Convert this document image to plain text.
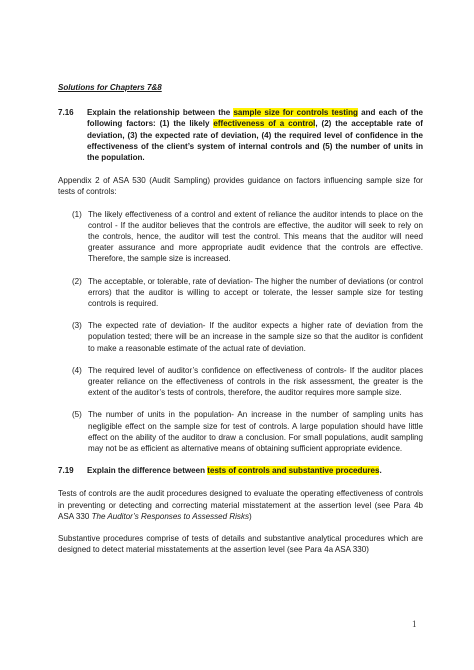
Solutions for Chapters 7&8
7.16	Explain the relationship between the sample size for controls testing and each of the following factors: (1) the likely effectiveness of a control, (2) the acceptable rate of deviation, (3) the expected rate of deviation, (4) the required level of confidence in the effectiveness of the client’s system of internal controls and (5) the number of units in the population.

Appendix 2 of ASA 530 (Audit Sampling) provides guidance on factors influencing sample size for tests of controls:

(1) The likely effectiveness of a control and extent of reliance the auditor intends to place on the control - If the auditor believes that the controls are effective, the auditor will seek to rely on the controls, hence, the auditor will test the control. This means that the auditor will need greater assurance and more appropriate audit evidence that the controls are effective. Therefore, the sample size is increased.
(2) The acceptable, or tolerable, rate of deviation- The higher the number of deviations (or control errors) that the auditor is willing to accept or tolerate, the lesser sample size for testing controls is required.
(3) The expected rate of deviation- If the auditor expects a higher rate of deviation from the population tested; there will be an increase in the sample size so that the auditor is confident to make a reasonable estimate of the actual rate of deviation.
(4) The required level of auditor’s confidence on effectiveness of controls- If the auditor places greater reliance on the effectiveness of controls in the risk assessment, the greater is the extent of the auditor’s tests of controls, therefore, the auditor requires more sample size.
(5) The number of units in the population- An increase in the number of sampling units has negligible effect on the sample size for test of controls. A large population should have little effect on the ability of the auditor to draw a conclusion. For small populations, audit sampling may not be as efficient as alternative means of obtaining sufficient appropriate evidence.
7.19	Explain the difference between tests of controls and substantive procedures.

Tests of controls are the audit procedures designed to evaluate the operating effectiveness of controls in preventing or detecting and correcting material misstatement at the assertion level (see Para 4b ASA 330 The Auditor’s Responses to Assessed Risks)

Substantive procedures comprise of tests of details and substantive analytical procedures which are designed to detect material misstatements at the assertion level (see Para 4a ASA 330)

1
